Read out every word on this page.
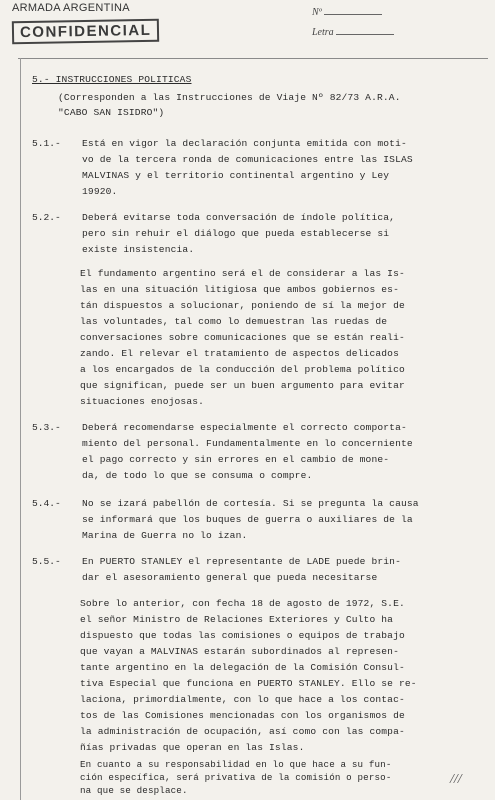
ARMADA ARGENTINA
CONFIDENCIAL
Nº
Letra
5.- INSTRUCCIONES POLITICAS
(Corresponden a las Instrucciones de Viaje Nº 82/73 A.R.A.
"CABO SAN ISIDRO")
5.1.- Está en vigor la declaración conjunta emitida con moti-
vo de la tercera ronda de comunicaciones entre las ISLAS
MALVINAS y el territorio continental argentino y Ley
19920.
5.2.- Deberá evitarse toda conversación de índole política,
pero sin rehuir el diálogo que pueda establecerse si
existe insistencia.
El fundamento argentino será el de considerar a las Is-
las en una situación litigiosa que ambos gobiernos es-
tán dispuestos a solucionar, poniendo de sí la mejor de
las voluntades, tal como lo demuestran las ruedas de
conversaciones sobre comunicaciones que se están reali-
zando. El relevar el tratamiento de aspectos delicados
a los encargados de la conducción del problema político
que significan, puede ser un buen argumento para evitar
situaciones enojosas.
5.3.- Deberá recomendarse especialmente el correcto comporta-
miento del personal. Fundamentalmente en lo concerniente
el pago correcto y sin errores en el cambio de mone-
da, de todo lo que se consuma o compre.
5.4.- No se izará pabellón de cortesía. Si se pregunta la causa
se informará que los buques de guerra o auxiliares de la
Marina de Guerra no lo izan.
5.5.- En PUERTO STANLEY el representante de LADE puede brin-
dar el asesoramiento general que pueda necesitarse
Sobre lo anterior, con fecha 18 de agosto de 1972, S.E.
el señor Ministro de Relaciones Exteriores y Culto ha
dispuesto que todas las comisiones o equipos de trabajo
que vayan a MALVINAS estarán subordinados al represen-
tante argentino en la delegación de la Comisión Consul-
tiva Especial que funciona en PUERTO STANLEY. Ello se re-
laciona, primordialmente, con lo que hace a los contac-
tos de las Comisiones mencionadas con los organismos de
la administración de ocupación, así como con las compa-
ñías privadas que operan en las Islas.
///
En cuanto a su responsabilidad en lo que hace a su fun-
ción específica, será privativa de la comisión o perso-
na que se desplace.
